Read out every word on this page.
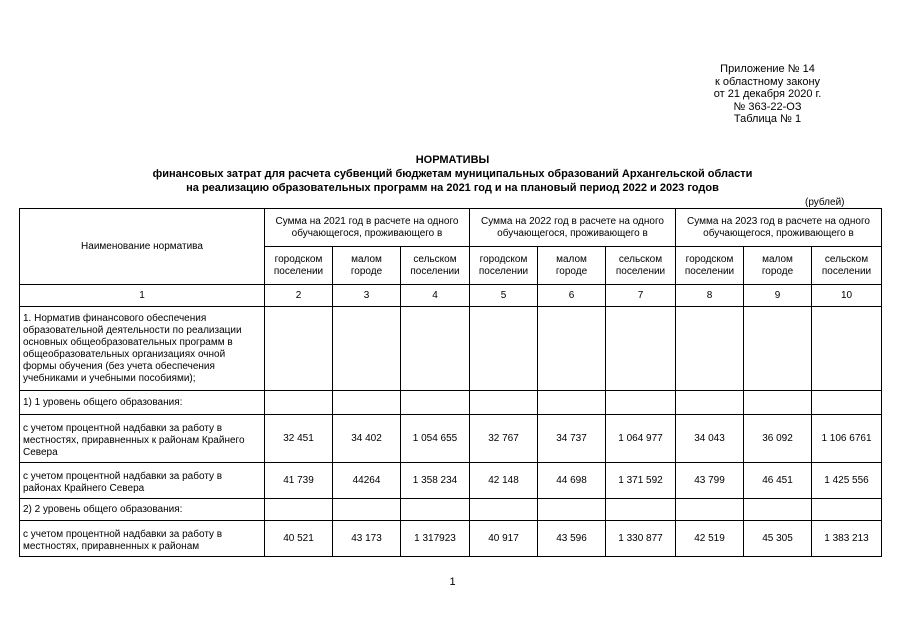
Приложение № 14
к областному закону
от 21 декабря 2020 г.
№ 363-22-ОЗ
Таблица № 1
НОРМАТИВЫ
финансовых затрат для расчета субвенций бюджетам муниципальных образований Архангельской области
на реализацию образовательных программ на 2021 год и на плановый период 2022 и 2023 годов
(рублей)
Наименование норматива	Сумма на 2021 год в расчете на одного обучающегося, проживающего в			Сумма на 2022 год в расчете на одного обучающегося, проживающего в			Сумма на 2023 год в расчете на одного обучающегося, проживающего в		
	городском поселении	малом городе	сельском поселении	городском поселении	малом городе	сельском поселении	городском поселении	малом городе	сельском поселении
1	2	3	4	5	6	7	8	9	10
1. Норматив финансового обеспечения образовательной деятельности по реализации основных общеобразовательных программ в общеобразовательных организациях очной формы обучения (без учета обеспечения учебниками и учебными пособиями);									
1) 1 уровень общего образования:									
с учетом процентной надбавки за работу в местностях, приравненных к районам Крайнего Севера	32 451	34 402	1 054 655	32 767	34 737	1 064 977	34 043	36 092	1 106 6761
с учетом процентной надбавки за работу в районах Крайнего Севера	41 739	44264	1 358 234	42 148	44 698	1 371 592	43 799	46 451	1 425 556
2) 2 уровень общего образования:									
с учетом процентной надбавки за работу в местностях, приравненных к районам	40 521	43 173	1 317923	40 917	43 596	1 330 877	42 519	45 305	1 383 213
1
